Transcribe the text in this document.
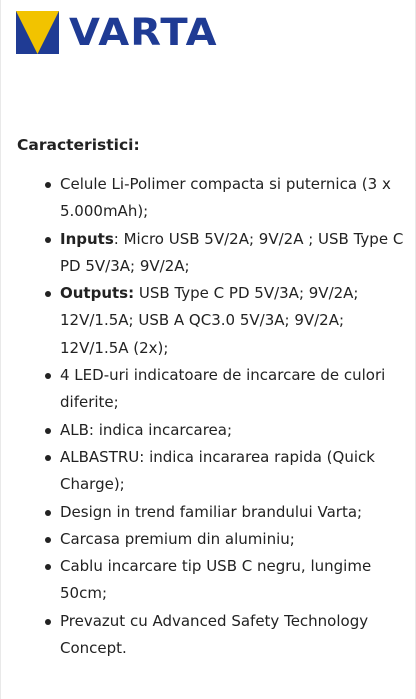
VARTA
Caracteristici:
Celule Li-Polimer compacta si puternica (3 x 5.000mAh);
Inputs: Micro USB 5V/2A; 9V/2A ; USB Type C PD 5V/3A; 9V/2A;
Outputs: USB Type C PD 5V/3A; 9V/2A; 12V/1.5A; USB A QC3.0 5V/3A; 9V/2A; 12V/1.5A (2x);
4 LED-uri indicatoare de incarcare de culori diferite;
ALB: indica incarcarea;
ALBASTRU: indica incararea rapida (Quick Charge);
Design in trend familiar brandului Varta;
Carcasa premium din aluminiu;
Cablu incarcare tip USB C negru, lungime 50cm;
Prevazut cu Advanced Safety Technology Concept.
